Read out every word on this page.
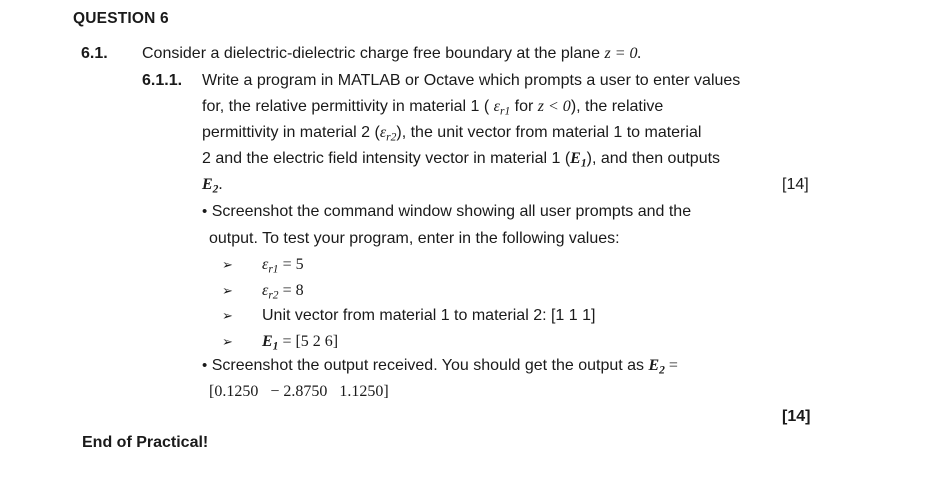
QUESTION 6
6.1. Consider a dielectric-dielectric charge free boundary at the plane z = 0.
6.1.1. Write a program in MATLAB or Octave which prompts a user to enter values
for, the relative permittivity in material 1 ( $\varepsilon_{r1}$ for z < 0), the relative
permittivity in material 2 $(\varepsilon_{r2})$, the unit vector from material 1 to material
2 and the electric field intensity vector in material 1 $(E_1)$, and then outputs
$E_2$.	[14]
• Screenshot the command window showing all user prompts and the
output. To test your program, enter in the following values:
➢ $\varepsilon_{r1} = 5$
➢ $\varepsilon_{r2} = 8$
➢ Unit vector from material 1 to material 2: [1 1 1]
➢ $E_1 = [5$ 2 6]
• Screenshot the output received. You should get the output as $E_2$ =
[0.1250   − 2.8750   1.1250]
[14]
End of Practical!
